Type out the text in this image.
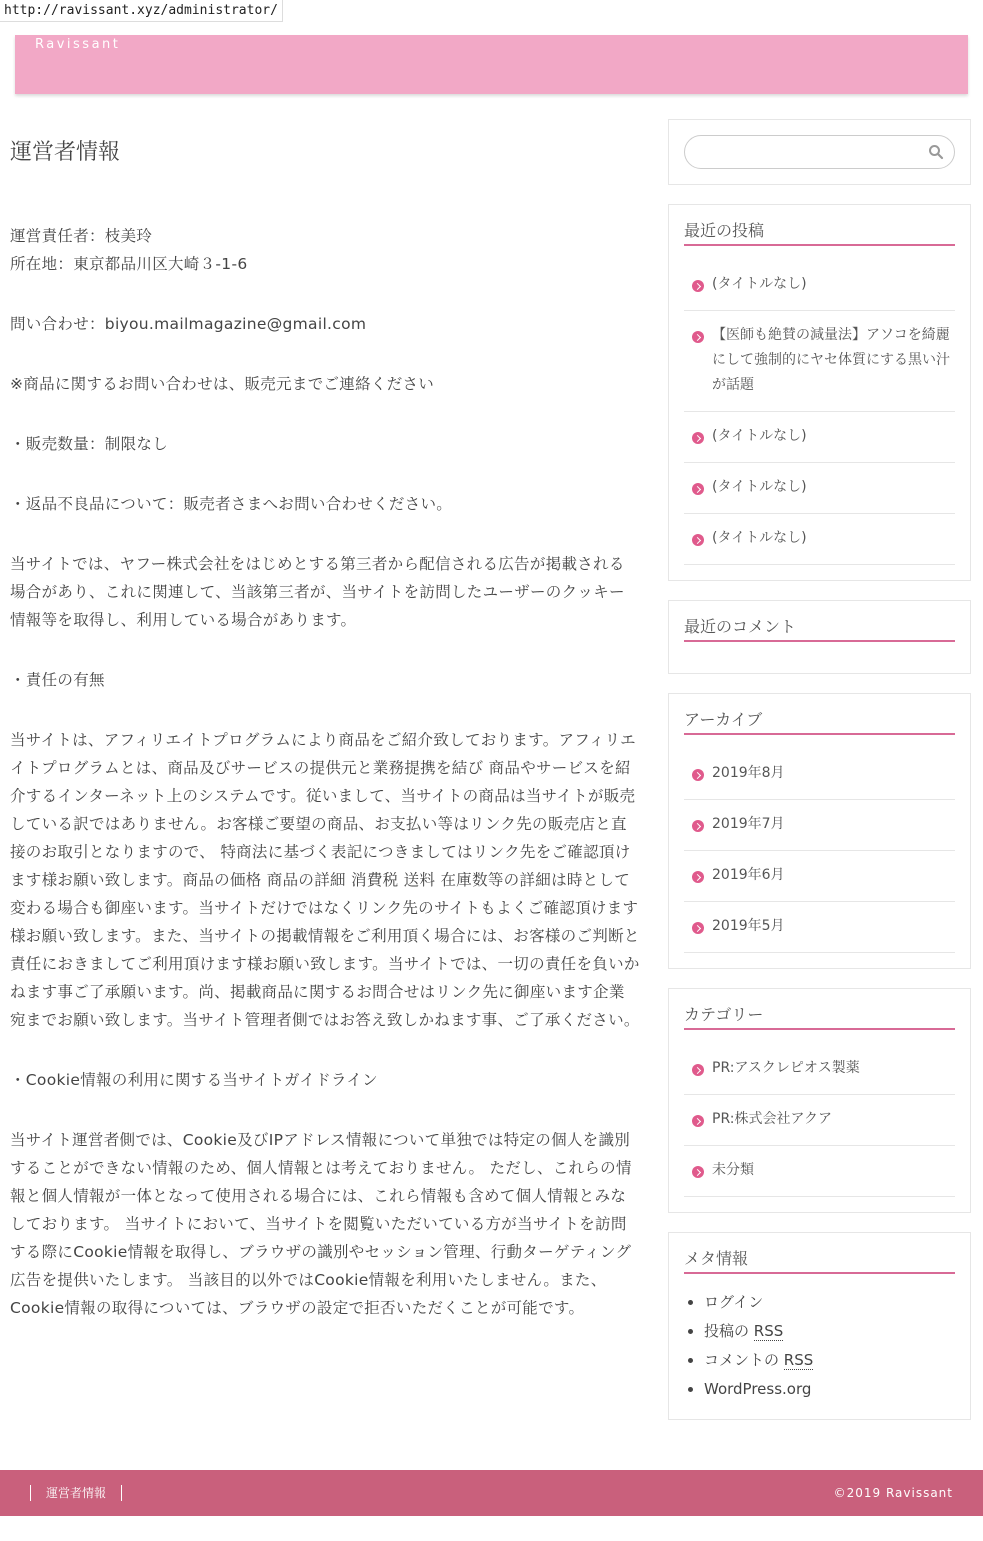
http://ravissant.xyz/administrator/
Ravissant
運営者情報

運営責任者：枝美玲
所在地：東京都品川区大崎３-1-6

問い合わせ：biyou.mailmagazine@gmail.com

※商品に関するお問い合わせは、販売元までご連絡ください

・販売数量：制限なし

・返品不良品について：販売者さまへお問い合わせください。

当サイトでは、ヤフー株式会社をはじめとする第三者から配信される広告が掲載される場合があり、これに関連して、当該第三者が、当サイトを訪問したユーザーのクッキー情報等を取得し、利用している場合があります。

・責任の有無

当サイトは、アフィリエイトプログラムにより商品をご紹介致しております。アフィリエイトプログラムとは、商品及びサービスの提供元と業務提携を結び 商品やサービスを紹介するインターネット上のシステムです。従いまして、当サイトの商品は当サイトが販売している訳ではありません。お客様ご要望の商品、お支払い等はリンク先の販売店と直接のお取引となりますので、 特商法に基づく表記につきましてはリンク先をご確認頂けます様お願い致します。商品の価格 商品の詳細 消費税 送料 在庫数等の詳細は時として変わる場合も御座います。当サイトだけではなくリンク先のサイトもよくご確認頂けます様お願い致します。また、当サイトの掲載情報をご利用頂く場合には、お客様のご判断と責任におきましてご利用頂けます様お願い致します。当サイトでは、一切の責任を負いかねます事ご了承願います。尚、掲載商品に関するお問合せはリンク先に御座います企業宛までお願い致します。当サイト管理者側ではお答え致しかねます事、ご了承ください。

・Cookie情報の利用に関する当サイトガイドライン

当サイト運営者側では、Cookie及びIPアドレス情報について単独では特定の個人を識別することができない情報のため、個人情報とは考えておりません。 ただし、これらの情報と個人情報が一体となって使用される場合には、これら情報も含めて個人情報とみなしております。 当サイトにおいて、当サイトを閲覧いただいている方が当サイトを訪問する際にCookie情報を取得し、ブラウザの識別やセッション管理、行動ターゲティング広告を提供いたします。 当該目的以外ではCookie情報を利用いたしません。また、Cookie情報の取得については、ブラウザの設定で拒否いただくことが可能です。

最近の投稿
(タイトルなし)
【医師も絶賛の減量法】アソコを綺麗にして強制的にヤセ体質にする黒い汁が話題
(タイトルなし)
(タイトルなし)
(タイトルなし)
最近のコメント
アーカイブ
2019年8月
2019年7月
2019年6月
2019年5月
カテゴリー
PR:アスクレピオス製薬
PR:株式会社アクア
未分類
メタ情報
• ログイン
• 投稿の RSS
• コメントの RSS
• WordPress.org
運営者情報	©2019 Ravissant
